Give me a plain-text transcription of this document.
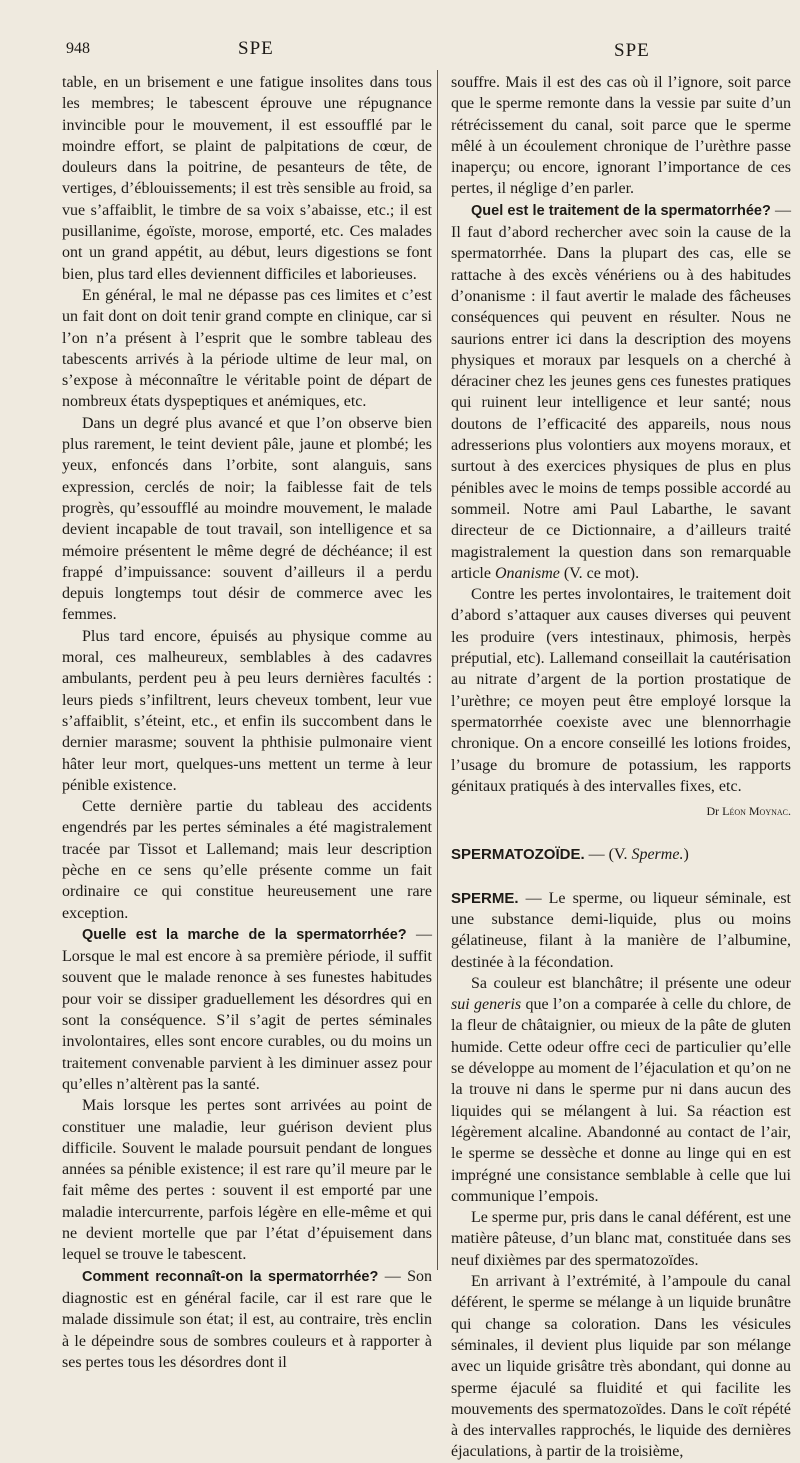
948	SPE	SPE

table, en un brisement e une fatigue insolites dans tous les membres; le tabescent éprouve une répugnance invincible pour le mouvement, il est essoufflé par le moindre effort, se plaint de palpitations de cœur, de douleurs dans la poitrine, de pesanteurs de tête, de vertiges, d’éblouissements; il est très sensible au froid, sa vue s’affaiblit, le timbre de sa voix s’abaisse, etc.; il est pusillanime, égoïste, morose, emporté, etc. Ces malades ont un grand appétit, au début, leurs digestions se font bien, plus tard elles deviennent difficiles et laborieuses.

En général, le mal ne dépasse pas ces limites et c’est un fait dont on doit tenir grand compte en clinique, car si l’on n’a présent à l’esprit que le sombre tableau des tabescents arrivés à la période ultime de leur mal, on s’expose à méconnaître le véritable point de départ de nombreux états dyspeptiques et anémiques, etc.

Dans un degré plus avancé et que l’on observe bien plus rarement, le teint devient pâle, jaune et plombé; les yeux, enfoncés dans l’orbite, sont alanguis, sans expression, cerclés de noir; la faiblesse fait de tels progrès, qu’essoufflé au moindre mouvement, le malade devient incapable de tout travail, son intelligence et sa mémoire présentent le même degré de déchéance; il est frappé d’impuissance: souvent d’ailleurs il a perdu depuis longtemps tout désir de commerce avec les femmes.

Plus tard encore, épuisés au physique comme au moral, ces malheureux, semblables à des cadavres ambulants, perdent peu à peu leurs dernières facultés : leurs pieds s’infiltrent, leurs cheveux tombent, leur vue s’affaiblit, s’éteint, etc., et enfin ils succombent dans le dernier marasme; souvent la phthisie pulmonaire vient hâter leur mort, quelques-uns mettent un terme à leur pénible existence.

Cette dernière partie du tableau des accidents engendrés par les pertes séminales a été magistralement tracée par Tissot et Lallemand; mais leur description pèche en ce sens qu’elle présente comme un fait ordinaire ce qui constitue heureusement une rare exception.

Quelle est la marche de la spermatorrhée? — Lorsque le mal est encore à sa première période, il suffit souvent que le malade renonce à ses funestes habitudes pour voir se dissiper graduellement les désordres qui en sont la conséquence. S’il s’agit de pertes séminales involontaires, elles sont encore curables, ou du moins un traitement convenable parvient à les diminuer assez pour qu’elles n’altèrent pas la santé.

Mais lorsque les pertes sont arrivées au point de constituer une maladie, leur guérison devient plus difficile. Souvent le malade poursuit pendant de longues années sa pénible existence; il est rare qu’il meure par le fait même des pertes : souvent il est emporté par une maladie intercurrente, parfois légère en elle-même et qui ne devient mortelle que par l’état d’épuisement dans lequel se trouve le tabescent.

Comment reconnaît-on la spermatorrhée? — Son diagnostic est en général facile, car il est rare que le malade dissimule son état; il est, au contraire, très enclin à le dépeindre sous de sombres couleurs et à rapporter à ses pertes tous les désordres dont il

souffre. Mais il est des cas où il l’ignore, soit parce que le sperme remonte dans la vessie par suite d’un rétrécissement du canal, soit parce que le sperme mêlé à un écoulement chronique de l’urèthre passe inaperçu; ou encore, ignorant l’importance de ces pertes, il néglige d’en parler.

Quel est le traitement de la spermatorrhée? — Il faut d’abord rechercher avec soin la cause de la spermatorrhée. Dans la plupart des cas, elle se rattache à des excès vénériens ou à des habitudes d’onanisme : il faut avertir le malade des fâcheuses conséquences qui peuvent en résulter. Nous ne saurions entrer ici dans la description des moyens physiques et moraux par lesquels on a cherché à déraciner chez les jeunes gens ces funestes pratiques qui ruinent leur intelligence et leur santé; nous doutons de l’efficacité des appareils, nous nous adresserions plus volontiers aux moyens moraux, et surtout à des exercices physiques de plus en plus pénibles avec le moins de temps possible accordé au sommeil. Notre ami Paul Labarthe, le savant directeur de ce Dictionnaire, a d’ailleurs traité magistralement la question dans son remarquable article Onanisme (V. ce mot).

Contre les pertes involontaires, le traitement doit d’abord s’attaquer aux causes diverses qui peuvent les produire (vers intestinaux, phimosis, herpès préputial, etc). Lallemand conseillait la cautérisation au nitrate d’argent de la portion prostatique de l’urèthre; ce moyen peut être employé lorsque la spermatorrhée coexiste avec une blennorrhagie chronique. On a encore conseillé les lotions froides, l’usage du bromure de potassium, les rapports génitaux pratiqués à des intervalles fixes, etc.

Dr Léon Moynac.

SPERMATOZOÏDE. — (V. Sperme.)

SPERME. — Le sperme, ou liqueur séminale, est une substance demi-liquide, plus ou moins gélatineuse, filant à la manière de l’albumine, destinée à la fécondation.

Sa couleur est blanchâtre; il présente une odeur sui generis que l’on a comparée à celle du chlore, de la fleur de châtaignier, ou mieux de la pâte de gluten humide. Cette odeur offre ceci de particulier qu’elle se développe au moment de l’éjaculation et qu’on ne la trouve ni dans le sperme pur ni dans aucun des liquides qui se mélangent à lui. Sa réaction est légèrement alcaline. Abandonné au contact de l’air, le sperme se dessèche et donne au linge qui en est imprégné une consistance semblable à celle que lui communique l’empois.

Le sperme pur, pris dans le canal déférent, est une matière pâteuse, d’un blanc mat, constituée dans ses neuf dixièmes par des spermatozoïdes.

En arrivant à l’extrémité, à l’ampoule du canal déférent, le sperme se mélange à un liquide brunâtre qui change sa coloration. Dans les vésicules séminales, il devient plus liquide par son mélange avec un liquide grisâtre très abondant, qui donne au sperme éjaculé sa fluidité et qui facilite les mouvements des spermatozoïdes. Dans le coït répété à des intervalles rapprochés, le liquide des dernières éjaculations, à partir de la troisième,
